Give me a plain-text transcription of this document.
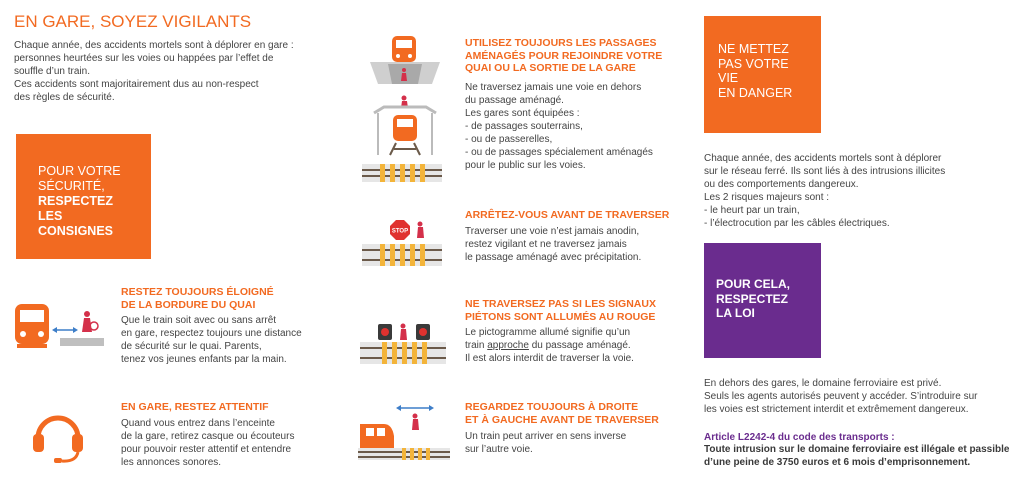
EN GARE, SOYEZ VIGILANTS
Chaque année, des accidents mortels sont à déplorer en gare :
personnes heurtées sur les voies ou happées par l’effet de
souffle d’un train.
Ces accidents sont majoritairement dus au non-respect
des règles de sécurité.
POUR VOTRE
SÉCURITÉ,
RESPECTEZ
LES
CONSIGNES
RESTEZ TOUJOURS ÉLOIGNÉ
DE LA BORDURE DU QUAI
Que le train soit avec ou sans arrêt
en gare, respectez toujours une distance
de sécurité sur le quai. Parents,
tenez vos jeunes enfants par la main.
EN GARE, RESTEZ ATTENTIF
Quand vous entrez dans l’enceinte
de la gare, retirez casque ou écouteurs
pour pouvoir rester attentif et entendre
les annonces sonores.
UTILISEZ TOUJOURS LES PASSAGES
AMÉNAGÉS POUR REJOINDRE VOTRE
QUAI OU LA SORTIE DE LA GARE
Ne traversez jamais une voie en dehors
du passage aménagé.
Les gares sont équipées :
- de passages souterrains,
- ou de passerelles,
- ou de passages spécialement aménagés
pour le public sur les voies.
STOP
ARRÊTEZ-VOUS AVANT DE TRAVERSER
Traverser une voie n’est jamais anodin,
restez vigilant et ne traversez jamais
le passage aménagé avec précipitation.
NE TRAVERSEZ PAS SI LES SIGNAUX
PIÉTONS SONT ALLUMÉS AU ROUGE
Le pictogramme allumé signifie qu’un
train approche du passage aménagé.
Il est alors interdit de traverser la voie.
REGARDEZ TOUJOURS À DROITE
ET À GAUCHE AVANT DE TRAVERSER
Un train peut arriver en sens inverse
sur l’autre voie.
NE METTEZ
PAS VOTRE
VIE
EN DANGER
Chaque année, des accidents mortels sont à déplorer
sur le réseau ferré. Ils sont liés à des intrusions illicites
ou des comportements dangereux.
Les 2 risques majeurs sont :
- le heurt par un train,
- l’électrocution par les câbles électriques.
POUR CELA,
RESPECTEZ
LA LOI
En dehors des gares, le domaine ferroviaire est privé.
Seuls les agents autorisés peuvent y accéder. S’introduire sur
les voies est strictement interdit et extrêmement dangereux.
Article L2242-4 du code des transports :
Toute intrusion sur le domaine ferroviaire est illégale et passible
d’une peine de 3750 euros et 6 mois d’emprisonnement.
